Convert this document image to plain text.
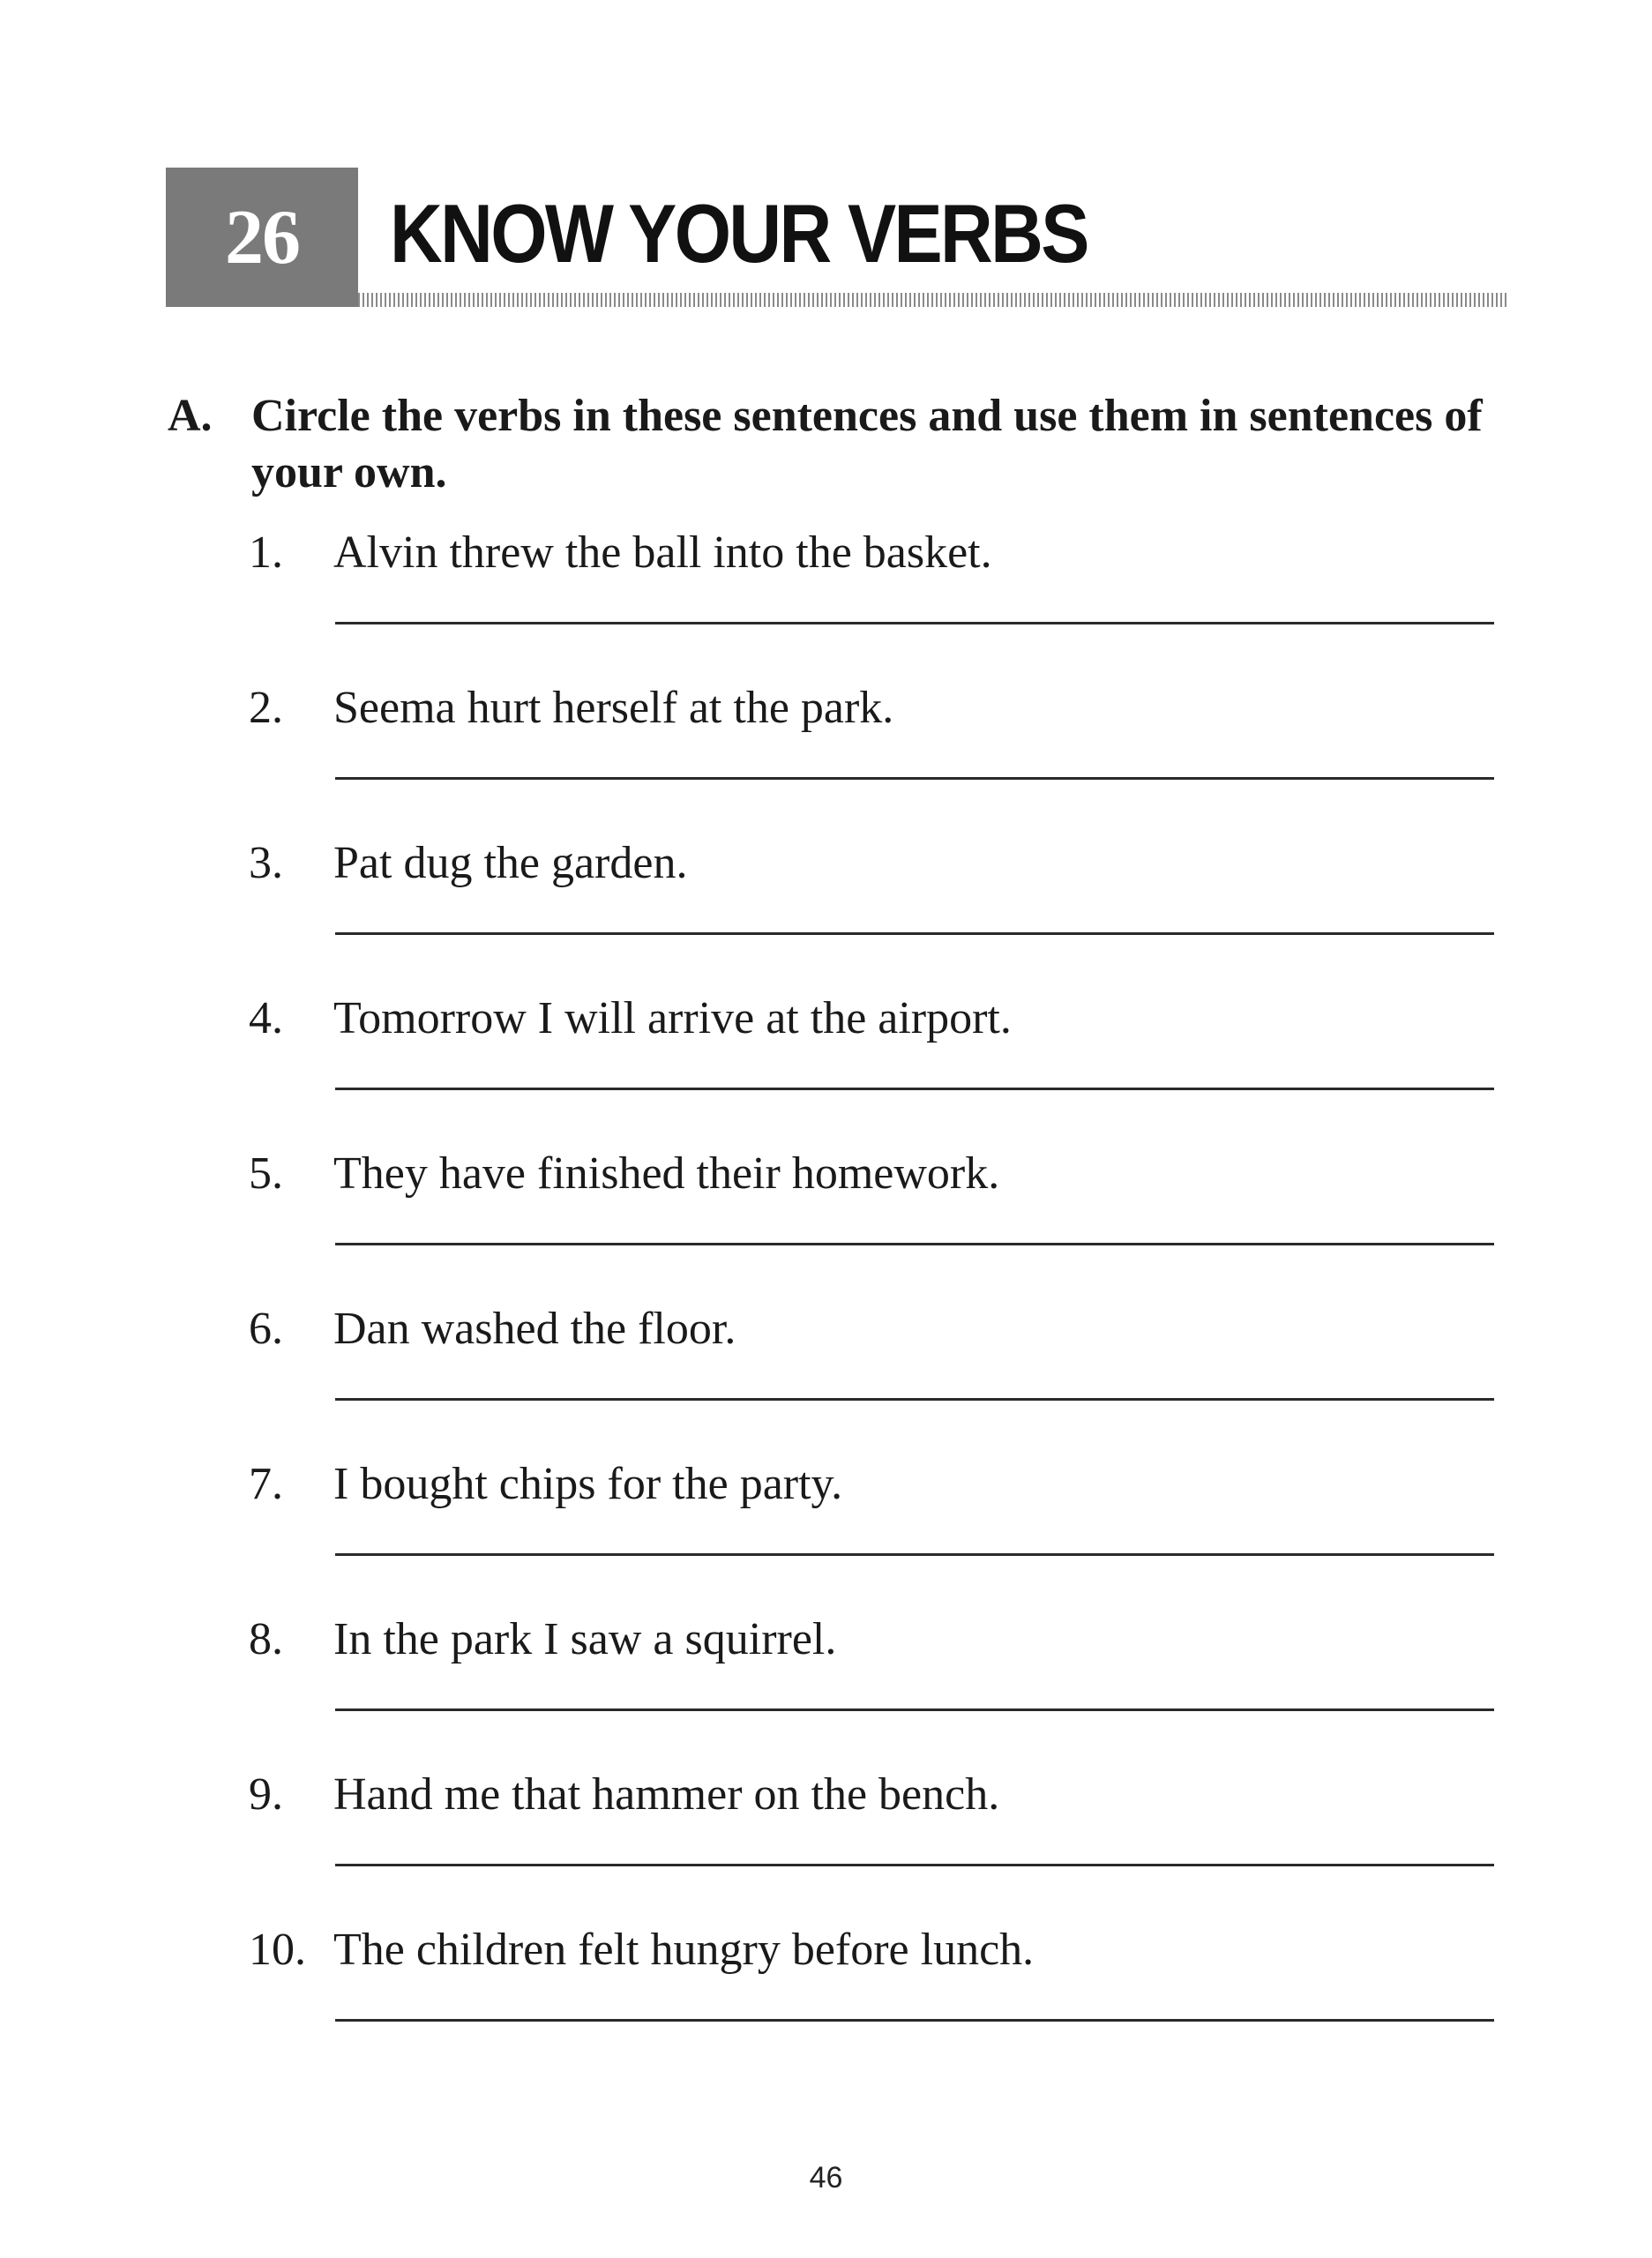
26 KNOW YOUR VERBS
A. Circle the verbs in these sentences and use them in sentences of your own.
1. Alvin threw the ball into the basket.
2. Seema hurt herself at the park.
3. Pat dug the garden.
4. Tomorrow I will arrive at the airport.
5. They have finished their homework.
6. Dan washed the floor.
7. I bought chips for the party.
8. In the park I saw a squirrel.
9. Hand me that hammer on the bench.
10. The children felt hungry before lunch.
46
